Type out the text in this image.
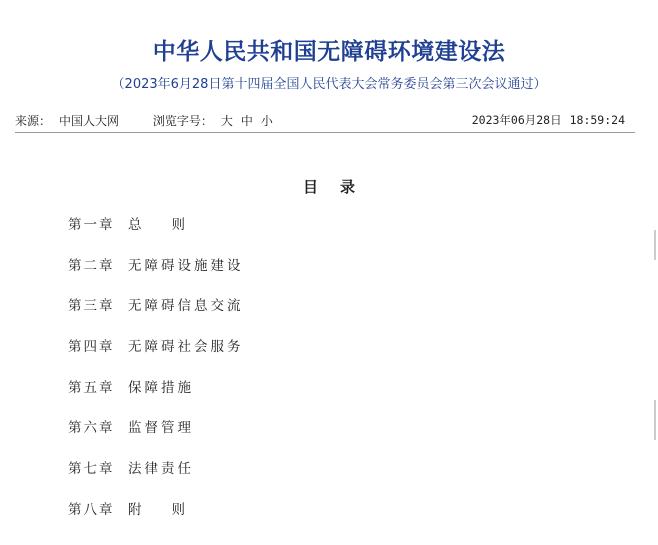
中华人民共和国无障碍环境建设法

（2023年6月28日第十四届全国人民代表大会常务委员会第三次会议通过）

来源： 中国人大网	浏览字号： 大 中 小	2023年06月28日 18:59:24
目录
第一章 总则
第二章 无障碍设施建设
第三章 无障碍信息交流
第四章 无障碍社会服务
第五章 保障措施
第六章 监督管理
第七章 法律责任
第八章 附则
